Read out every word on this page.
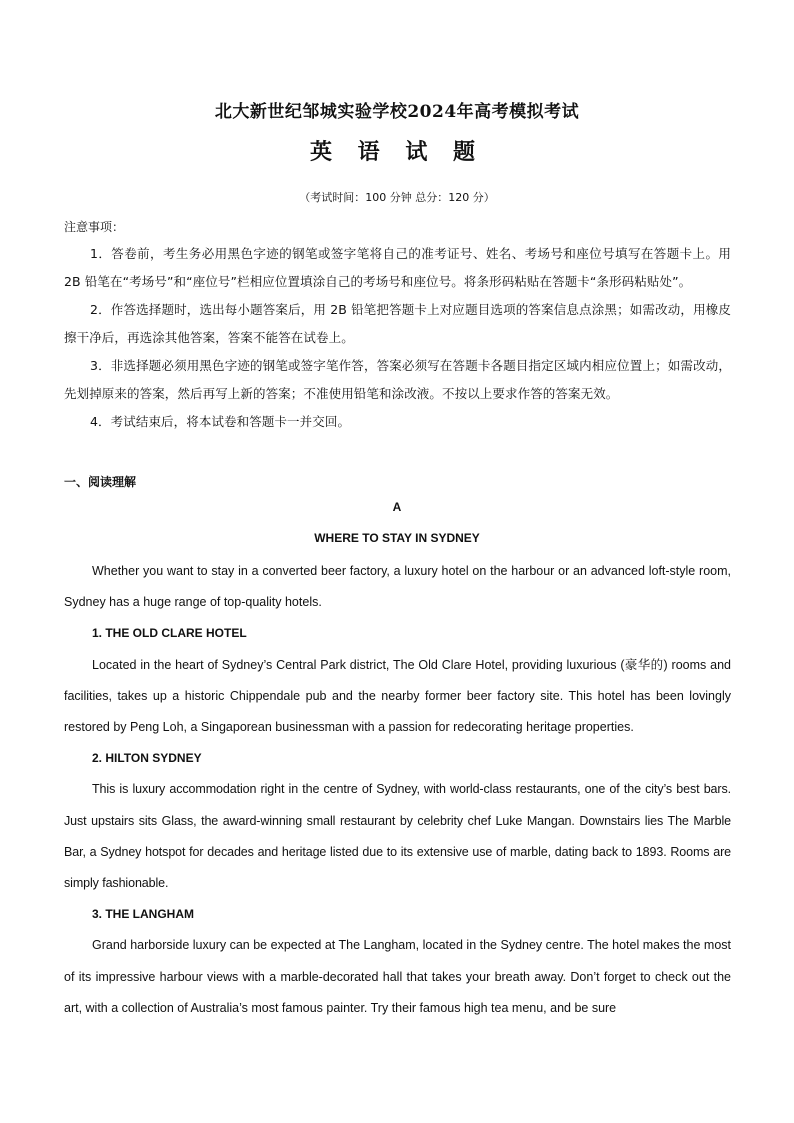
北大新世纪邹城实验学校2024年高考模拟考试
英 语 试 题
（考试时间：100 分钟 总分：120 分）
注意事项：

1．答卷前，考生务必用黑色字迹的钢笔或签字笔将自己的准考证号、姓名、考场号和座位号填写在答题卡上。用 2B 铅笔在“考场号”和“座位号”栏相应位置填涂自己的考场号和座位号。将条形码粘贴在答题卡“条形码粘贴处”。

2．作答选择题时，选出每小题答案后，用 2B 铅笔把答题卡上对应题目选项的答案信息点涂黑；如需改动，用橡皮擦干净后，再选涂其他答案，答案不能答在试卷上。

3．非选择题必须用黑色字迹的钢笔或签字笔作答，答案必须写在答题卡各题目指定区域内相应位置上；如需改动，先划掉原来的答案，然后再写上新的答案；不准使用铅笔和涂改液。不按以上要求作答的答案无效。

4．考试结束后，将本试卷和答题卡一并交回。

一、阅读理解
A
WHERE TO STAY IN SYDNEY

Whether you want to stay in a converted beer factory, a luxury hotel on the harbour or an advanced loft-style room, Sydney has a huge range of top-quality hotels.

1. THE OLD CLARE HOTEL

Located in the heart of Sydney’s Central Park district, The Old Clare Hotel, providing luxurious (豪华的) rooms and facilities, takes up a historic Chippendale pub and the nearby former beer factory site. This hotel has been lovingly restored by Peng Loh, a Singaporean businessman with a passion for redecorating heritage properties.

2. HILTON SYDNEY

This is luxury accommodation right in the centre of Sydney, with world-class restaurants, one of the city’s best bars. Just upstairs sits Glass, the award-winning small restaurant by celebrity chef Luke Mangan. Downstairs lies The Marble Bar, a Sydney hotspot for decades and heritage listed due to its extensive use of marble, dating back to 1893. Rooms are simply fashionable.

3. THE LANGHAM

Grand harborside luxury can be expected at The Langham, located in the Sydney centre. The hotel makes the most of its impressive harbour views with a marble-decorated hall that takes your breath away. Don’t forget to check out the art, with a collection of Australia’s most famous painter. Try their famous high tea menu, and be sure
